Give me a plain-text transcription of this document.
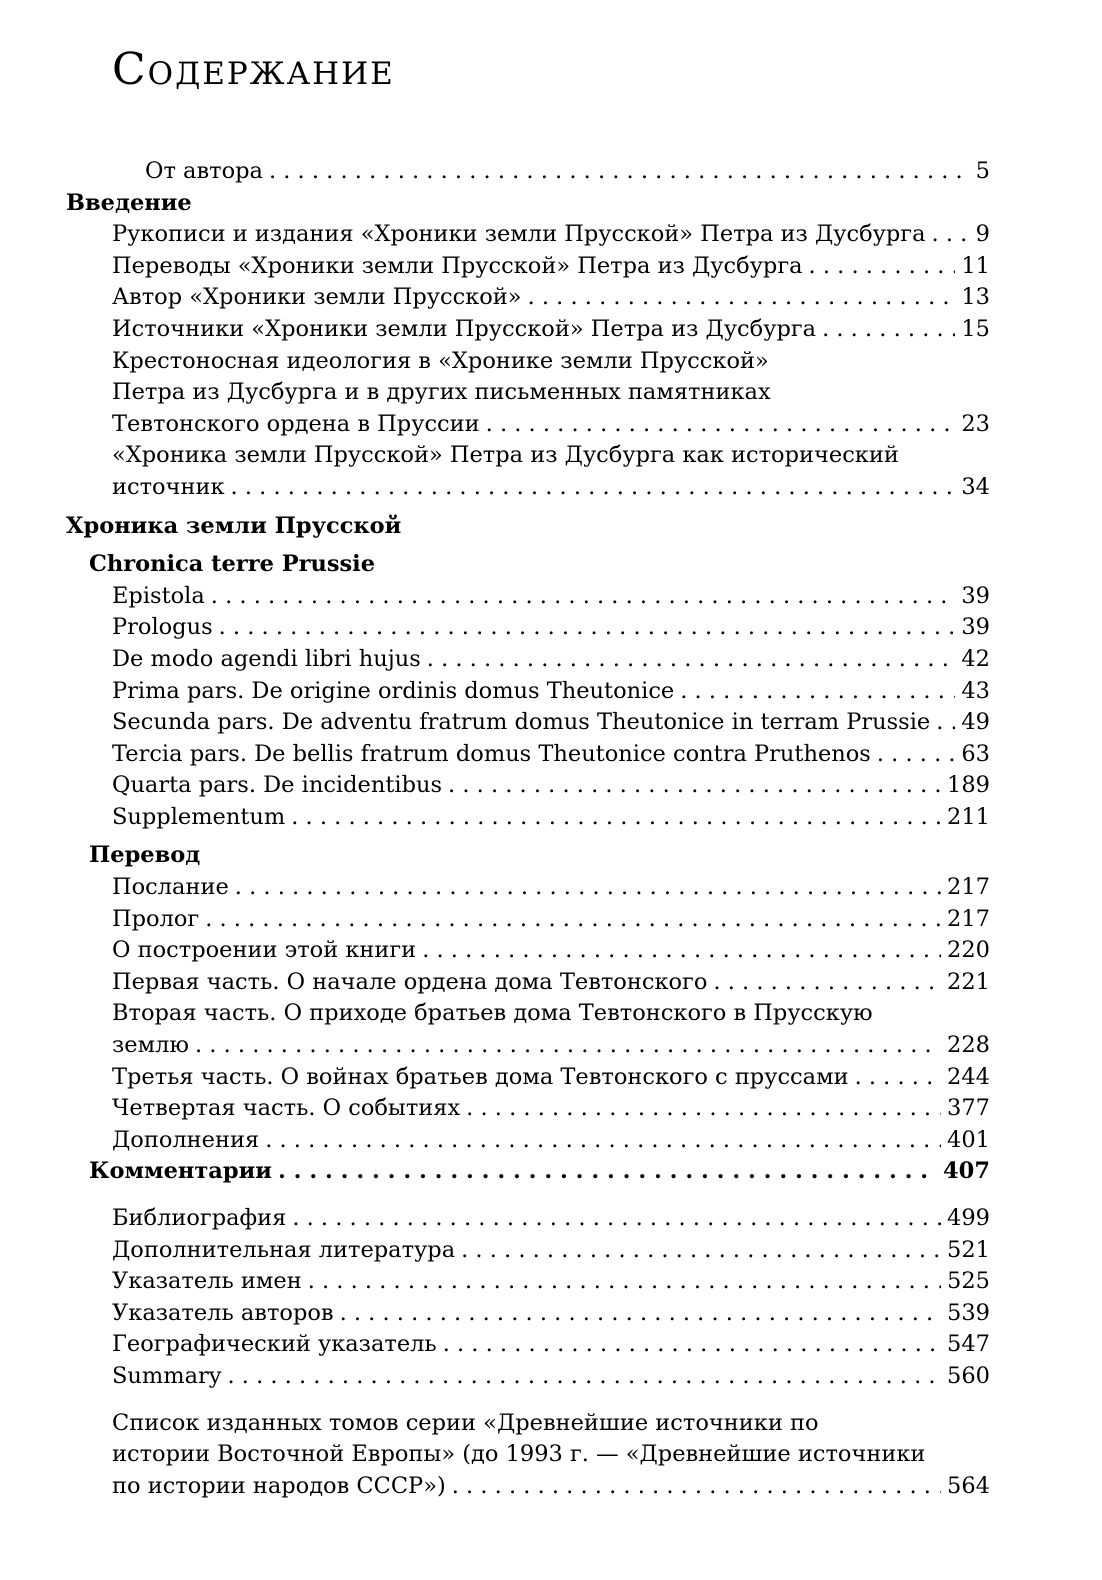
Содержание
От автора . . .	5
Введение
Рукописи и издания «Хроники земли Прусской» Петра из Дусбурга . . . 9
Переводы «Хроники земли Прусской» Петра из Дусбурга . . .	11
Автор «Хроники земли Прусской» . . .	13
Источники «Хроники земли Прусской» Петра из Дусбурга . . .	15
Крестоносная идеология в «Хронике земли Прусской»
Петра из Дусбурга и в других письменных памятниках
Тевтонского ордена в Пруссии . . .	23
«Хроника земли Прусской» Петра из Дусбурга как исторический
источник . . .	34
Хроника земли Прусской
Chronica terre Prussie
Epistola . . .	39
Prologus . . .	39
De modo agendi libri hujus . . .	42
Prima pars. De origine ordinis domus Theutonice . . .	43
Secunda pars. De adventu fratrum domus Theutonice in terram Prussie . . . 49
Tercia pars. De bellis fratrum domus Theutonice contra Pruthenos . . .	63
Quarta pars. De incidentibus . . .	189
Supplementum . . .	211
Перевод
Послание . . .	217
Пролог . . .	217
О построении этой книги . . .	220
Первая часть. О начале ордена дома Тевтонского . . .	221
Вторая часть. О приходе братьев дома Тевтонского в Прусскую
землю . . .	228
Третья часть. О войнах братьев дома Тевтонского с пруссами . . .	244
Четвертая часть. О событиях . . .	377
Дополнения . . .	401
Комментарии . . .	407
Библиография . . .	499
Дополнительная литература . . .	521
Указатель имен . . .	525
Указатель авторов . . .	539
Географический указатель . . .	547
Summary . . .	560
Список изданных томов серии «Древнейшие источники по
истории Восточной Европы» (до 1993 г. — «Древнейшие источники
по истории народов СССР») . . .	564
